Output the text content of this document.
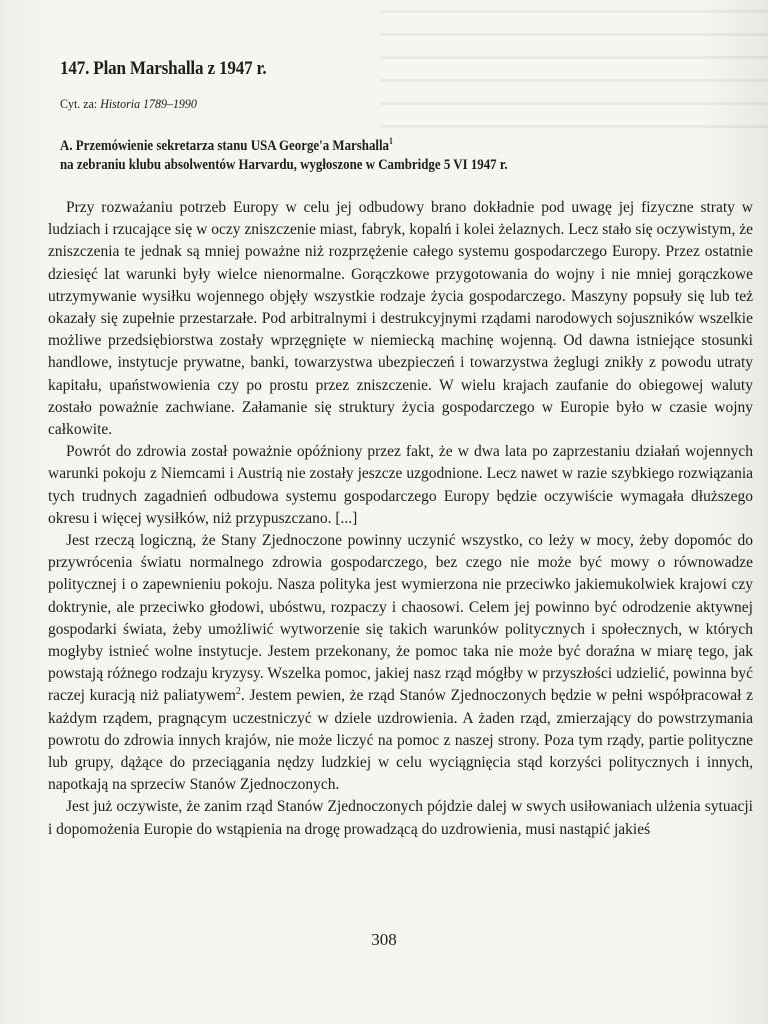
147. Plan Marshalla z 1947 r.
Cyt. za: Historia 1789–1990
A. Przemówienie sekretarza stanu USA George'a Marshalla$^1$
na zebraniu klubu absolwentów Harvardu, wygłoszone w Cambridge 5 VI 1947 r.

Przy rozważaniu potrzeb Europy w celu jej odbudowy brano dokładnie pod uwagę jej fizyczne straty w ludziach i rzucające się w oczy zniszczenie miast, fabryk, kopalń i kolei żelaznych. Lecz stało się oczywistym, że zniszczenia te jednak są mniej poważne niż rozprzężenie całego systemu gospodarczego Europy. Przez ostatnie dziesięć lat warunki były wielce nienormalne. Gorączkowe przygotowania do wojny i nie mniej gorączkowe utrzymywanie wysiłku wojennego objęły wszystkie rodzaje życia gospodarczego. Maszyny popsuły się lub też okazały się zupełnie przestarzałe. Pod arbitralnymi i destrukcyjnymi rządami narodowych sojuszników wszelkie możliwe przedsiębiorstwa zostały wprzęgnięte w niemiecką machinę wojenną. Od dawna istniejące stosunki handlowe, instytucje prywatne, banki, towarzystwa ubezpieczeń i towarzystwa żeglugi znikły z powodu utraty kapitału, upaństwowienia czy po prostu przez zniszczenie. W wielu krajach zaufanie do obiegowej waluty zostało poważnie zachwiane. Załamanie się struktury życia gospodarczego w Europie było w czasie wojny całkowite.

Powrót do zdrowia został poważnie opóźniony przez fakt, że w dwa lata po zaprzestaniu działań wojennych warunki pokoju z Niemcami i Austrią nie zostały jeszcze uzgodnione. Lecz nawet w razie szybkiego rozwiązania tych trudnych zagadnień odbudowa systemu gospodarczego Europy będzie oczywiście wymagała dłuższego okresu i więcej wysiłków, niż przypuszczano. [...]

Jest rzeczą logiczną, że Stany Zjednoczone powinny uczynić wszystko, co leży w mocy, żeby dopomóc do przywrócenia światu normalnego zdrowia gospodarczego, bez czego nie może być mowy o równowadze politycznej i o zapewnieniu pokoju. Nasza polityka jest wymierzona nie przeciwko jakiemukolwiek krajowi czy doktrynie, ale przeciwko głodowi, ubóstwu, rozpaczy i chaosowi. Celem jej powinno być odrodzenie aktywnej gospodarki świata, żeby umożliwić wytworzenie się takich warunków politycznych i społecznych, w których mogłyby istnieć wolne instytucje. Jestem przekonany, że pomoc taka nie może być doraźna w miarę tego, jak powstają różnego rodzaju kryzysy. Wszelka pomoc, jakiej nasz rząd mógłby w przyszłości udzielić, powinna być raczej kuracją niż paliatywem$^2$. Jestem pewien, że rząd Stanów Zjednoczonych będzie w pełni współpracował z każdym rządem, pragnącym uczestniczyć w dziele uzdrowienia. A żaden rząd, zmierzający do powstrzymania powrotu do zdrowia innych krajów, nie może liczyć na pomoc z naszej strony. Poza tym rządy, partie polityczne lub grupy, dążące do przeciągania nędzy ludzkiej w celu wyciągnięcia stąd korzyści politycznych i innych, napotkają na sprzeciw Stanów Zjednoczonych.

Jest już oczywiste, że zanim rząd Stanów Zjednoczonych pójdzie dalej w swych usiłowaniach ulżenia sytuacji i dopomożenia Europie do wstąpienia na drogę prowadzącą do uzdrowienia, musi nastąpić jakieś

308
